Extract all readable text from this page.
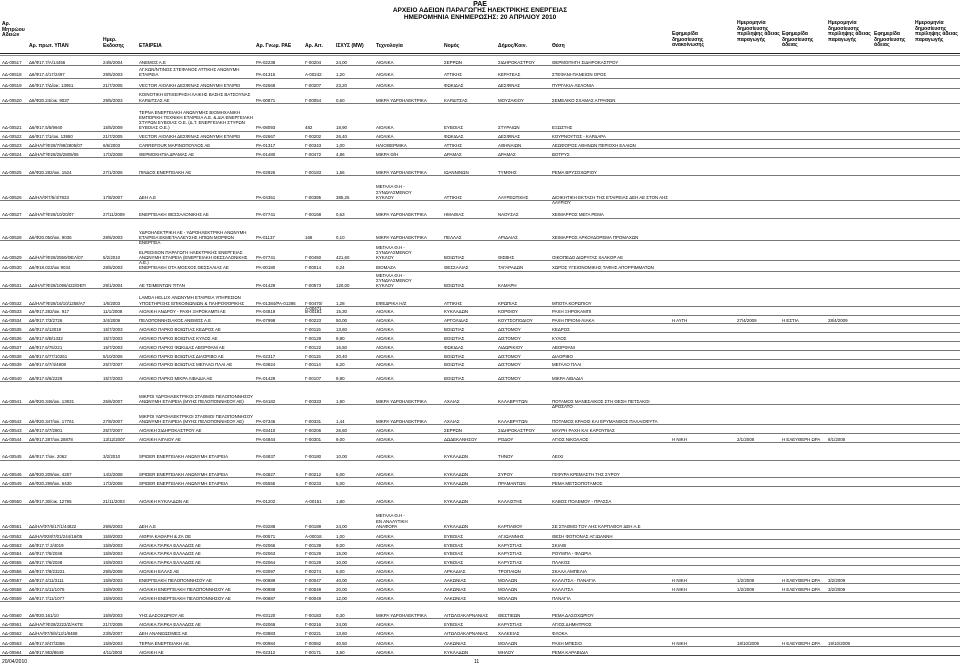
PAE
ΑΡΧΕΙΟ ΑΔΕΙΩΝ ΠΑΡΑΓΩΓΗΣ ΗΛΕΚΤΡΙΚΗΣ ΕΝΕΡΓΕΙΑΣ
ΗΜΕΡΟΜΗΝΙΑ ΕΝΗΜΕΡΩΣΗΣ: 20 ΑΠΡΙΛΙΟΥ 2010
Αρ.
Μητρώου
Αδειών
Αρ. πρωτ. ΥΠΑΝ
Ημερ.
Εκδοσης	ΕΤΑΙΡΕΙΑ	Αρ. Γνωμ. ΡΑΕ	Αρ. Αιτ.	ΙΣΧΥΣ (MW)	Τεχνολογία	Νομός	Δήμος/Κοιν.	Θέση
Εφημερίδα δημοσίευσης ανακοίνωσης
Ημερομηνία δημοσίευσης περίληψης άδειας παραγωγής
Εφημερίδα δημοσίευσης άδειας
Ημερομηνία δημοσίευσης περίληψης άδειας παραγωγής
Εφημερίδα δημοσίευσης άδειας
Ημερομηνία δημοσίευσης περίληψης άδειας παραγωγής
ΑΔ-00517	Δ6/Φ17.7/Α/14456	24/6/2004	ΑΝΕΜΟΣ Α.Ε	ΡΑ-02238	Γ-00204	24,00	ΑΙΟΛΙΚΑ	ΣΕΡΡΩΝ	ΣΙΔΗΡΟΚΑΣΤΡΟΥ	ΘΕΡΜΟΠΗΓΗ ΣΙΔΗΡΟΚΑΣΤΡΟΥ
ΑΔ-00518	Δ6/Φ17.4/17/2497	29/5/2003
ΑΓ.ΚΩΝ/ΝΤΙΝΟΣ ΣΤΕΦΑΝΟΣ ΑΤΤΙΚΗΣ ΑΝΩΝΥΜΗ
ΕΤΑΙΡΕΙΑ	ΡΑ-01315	Α-00242	1,20	ΑΙΟΛΙΚΑ	ΑΤΤΙΚΗΣ	ΚΕΡΑΤΕΑΣ	ΣΤΕΦΑΝΙ-ΠΑΝΕΙΟΝ ΟΡΟΣ
ΑΔ-00519	Δ6/Φ17.7/Δ/οικ. 13951	21/7/2005	VECTOR ΑΙΟΛΙΚΗ ΔΕΣΦΙΝΑΣ ΑΝΩΝΥΜΗ ΕΤΑΙΡΕΙ	ΡΑ-02668	Γ-00207	23,20	ΑΙΟΛΙΚΑ	ΦΩΚΙΔΑΣ	ΔΕΣΦΙΝΑΣ	ΠΥΡΓΑΚΙΑ-ΛΕΛΟΝΙΑ
ΑΔ-00520	Δ6/Φ20.24/οικ. 9037	29/5/2003
ΚΟΙΝΟΤΙΚΗ ΕΠΙΧΕΙΡΗΣΗ ΛΑΙΚΗΣ ΒΑΣΗΣ ΒΑΤΣΟΥΝΑΣ
ΚΑΡΔΙΤΣΑΣ ΑΕ	ΡΑ-00871	Γ-00054	0,60	ΜΙΚΡΑ ΥΔΡΟΗΛΕΚΤΡΙΚΑ	ΚΑΡΔΙΤΣΑΣ	ΜΟΥΖΑΚΙΟΥ	ΣΕΜΕΛΙΚΟ ΣΧΑΜΑΣ ΑΓΡΑΦΩΝ
ΑΔ-00521	Δ6/Φ17.5/5/9940	15/5/2009
ΤΕΡΝΑ ΕΝΕΡΓΕΙΑΚΗ ΑΝΩΝΥΜΗΣ ΒΙΟΜΗΧΑΝΙΚΗ
ΕΜΠΟΡΙΚΗ ΤΕΧΝΙΚΗ ΕΤΑΙΡΕΙΑ Α.Ε. & ΔΙΑ ΕΝΕΡΓΕΙΑΚΗ
ΣΤΥΡΩΝ ΕΥΒΟΙΑΣ Ο.Ε. (Δ.Τ. ΕΝΕΡΓΕΙΑΚΗ ΣΤΥΡΩΝ
ΕΥΒΟΙΑΣ Ο.Ε.)	ΡΑ-08093	482	18,90	ΑΙΟΛΙΚΑ	ΕΥΒΟΙΑΣ	ΣΤΥΡΑΙΩΝ	ΕΞΩΣΤΗΣ
ΑΔ-00522	Δ6/Φ17.7/1/οικ. 13950	21/7/2005	VECTOR ΑΙΟΛΙΚΗ ΔΕΣΦΙΝΑΣ ΑΝΩΝΥΜΗ ΕΤΑΙΡΕΙ	ΡΑ-02667	Γ-00202	26,40	ΑΙΟΛΙΚΑ	ΦΩΚΙΔΑΣ	ΔΕΣΦΙΝΑΣ	ΚΟΥΡΝΟΥΤΟΣ - ΚΑΡΔΑΡΑ
ΑΔ-00523	ΔΔ/ΗΛ/Γ/Φ28/7/98/2805/07	6/6/2003	CARREFOUR ΜΑΡΙΝΟΠΟΥΛΟΣ ΑΕ	ΡΑ-01317	Γ-00343	1,00	ΗΛΙΟΘΕΡΜΙΚΑ	ΑΤΤΙΚΗΣ	ΑΘΗΝΑΙΩΝ	ΛΕΩΦΟΡΟΣ ΑΘΗΝΩΝ ΠΕΡΙΟΧΗ ΕΛΑΙΩΝ
ΑΔ-00524	ΔΔ/ΗΛ/Γ/Φ28/25/2805/06	17/3/2008	ΘΕΡΜΟΚΗΠΙΑ ΔΡΑΜΑΣ ΑΕ	ΡΑ-01480	Γ-00472	4,86	ΜΙΚΡΑ Θ/Η	ΔΡΑΜΑΣ	ΔΡΑΜΑΣ	ΒΟΤΡΥΣ
ΑΔ-00525	Δ6/Φ20.282/οικ. 1524	27/1/2006	ΠΙΝΔΟΣ ΕΝΕΡΓΕΙΑΚΗ ΑΕ	ΡΑ-02926	Γ-00183	1,56	ΜΙΚΡΑ ΥΔΡΟΗΛΕΚΤΡΙΚΑ	ΙΩΑΝΝΙΝΩΝ	ΤΥΜΦΗΣ	ΡΕΜΑ ΒΡΥΣΟΧΩΡΙΟΥ
ΑΔ-00526	ΔΔ/ΗΛ/Φ/7/5/4/7833	17/8/2007	ΔΕΗ Α.Ε	ΡΑ-04351	Γ-00385	385,25
ΜΕΓΑΛΑ Θ.Η -
ΣΥΝΔΥΑΣΜΕΝΟΥ
ΚΥΚΛΟΥ	ΑΤΤΙΚΗΣ	ΛΑΥΡΕΩΤΙΚΗΣ	ΔΙΟΙΚΗΤΙΚΗ ΕΚΤΑΣΗ ΤΗΣ ΕΤΑΙΡΕΙΑΣ ΔΕΗ ΑΕ ΣΤΟΝ ΑΗΣ ΛΑΥΡΙΟΥ
ΑΔ-00527	ΔΔ/ΗΛ/Γ/Φ28/10/20/07	27/11/2009	ΕΝΕΡΓΕΙΑΚΗ ΘΕΣΣΑΛΟΝΙΚΗΣ ΑΕ	ΡΑ-07741	Γ-00168	0,63	ΜΙΚΡΑ ΥΔΡΟΗΛΕΚΤΡΙΚΑ	ΗΜΑΘΙΑΣ	ΝΑΟΥΣΑΣ	ΧΕΙΜΑΡΡΟΣ ΜΕΓΑ ΡΕΜΑ
ΑΔ-00528	Δ6/Φ20.050/οικ. 9036	28/5/2003
ΥΔΡΟΗΛΕΚΤΡΙΚΗ ΑΕ - ΥΔΡΟΗΛΕΚΤΡΙΚΗ ΑΝΩΝΥΜΗ
ΕΤΑΙΡΕΙΑ ΕΚΜΕΤΑΛΛΕΥΣΗΣ ΗΠΙΩΝ ΜΟΡΦΩΝ ΕΝΕΡΓΕΙΑ
ΡΑ-01137	168	0,10	ΜΙΚΡΑ ΥΔΡΟΗΛΕΚΤΡΙΚΑ	ΠΕΛΛΑΣ	ΑΡΙΔΑΙΑΣ	ΧΕΙΜΑΡΡΟΣ ΑΡΚΟΥΔΟΡΕΜΑ ΠΡΟΜΑΧΩΝ
ΑΔ-00529	ΔΔ/ΗΛ/Γ/Φ28/2550/ΘΕΛ/07	5/2/2010
ELPEDISON ΠΑΡΑΓΩΓΗ ΗΛΕΚΤΡΙΚΗΣ ΕΝΕΡΓΕΙΑΣ
ΑΝΩΝΥΜΗ ΕΤΑΙΡΕΙΑ (ΕΝΕΡΓΕΙΑΚΗ ΘΕΣΣΑΛΟΝΙΚΗΣ Α.Ε.)
ΡΑ-07741	Γ-00450	421,60
ΜΕΓΑΛΑ Θ.Η -
ΣΥΝΔΥΑΣΜΕΝΟΥ
ΚΥΚΛΟΥ	ΒΟΙΩΤΙΑΣ	ΘΙΣΒΗΣ	ΟΙΚΟΠΕΔΟ ΔΙΩΡΥΓΑΣ ΧΑΛΚΟΡ ΑΕ
ΑΔ-00530	Δ6/Φ18.023/οικ 9034	28/5/2003	ΕΝΕΡΓΕΙΑΚΗ ΟΤΑ ΜΟΣΧΟΣ ΘΕΣΣΑΛΙΑΣ ΑΕ	ΡΑ-00180	Γ-00014	0,24	ΒΙΟΜΑΖΑ	ΘΕΣΣΑΛΙΑΣ	ΤΑΓΑΡΑΔΩΝ	ΧΩΡΟΣ ΥΓΕΙΟΝΟΜΙΚΗΣ ΤΑΦΗΣ ΑΠΟΡΡΙΜΜΑΤΩΝ
ΑΔ-00531	ΔΔ/ΗΛ/Γ/Φ28/1096/422/ΘΕΠ	29/1/2004	ΑΕ ΤΣΙΜΕΝΤΩΝ ΤΙΤΑΝ	ΡΑ-01429	Γ-00573	120,00
ΜΕΓΑΛΑ Θ.Η -
ΣΥΝΔΥΑΣΜΕΝΟΥ
ΚΥΚΛΟΥ	ΒΟΙΩΤΙΑΣ	ΚΑΜΑΡΗ
ΑΔ-00532	ΔΔ/ΗΛ/Γ/Φ28/16/10/1258/Α7	1/6/2003
LAMDA HELLIX ΑΝΩΝΥΜΗ ΕΤΑΙΡΕΙΑ ΥΠΗΡΕΣΙΩΝ
ΥΠΟΣΤΗΡΙΞΗΣ ΕΠΙΚΟΙΝΩΝΙΩΝ & ΠΛΗΡΟΦΟΡΙΚΗΣ	ΡΑ-01384/ΡΑ-01395	Γ-00470/Α-00471
1,28	ΕΦΕΔΡΙΚΑ Η/Ζ	ΑΤΤΙΚΗΣ	ΚΡΩΠΙΑΣ	ΜΠΟΤΑ ΚΟΡΩΠΙΟΥ
ΑΔ-00533	Δ6/Φ17.282/οικ. 917	11/1/2008	ΑΙΟΛΙΚΗ ΑΝΔΡΟΥ - ΡΑΧΗ ΞΗΡΟΚΑΜΠΙ ΑΕ	ΡΑ-04819	Β-00181	15,30	ΑΙΟΛΙΚΑ	ΚΥΚΛΑΔΩΝ	ΚΟΡΘΙΟΥ	ΡΑΧΗ ΞΗΡΟΚΑΜΠΙ
ΑΔ-00534	Δ6/Φ17.7/3/2726	3/4/2009	ΠΕΛΟΠΟΝΝΗΣΙΑΚΟΣ ΑΝΕΜΟΣ Α.Ε	ΡΑ-07998	Γ-00223	50,00	ΑΙΟΛΙΚΑ	ΑΡΓΟΛΙΔΑΣ	ΚΟΥΤΣΟΠΟΔΙΟΥ	ΡΑΧΗ ΠΡΙΟΝΙ-ΛΙΑΚΑ	Η ΑΥΓΗ	27/4/2009	Η ΕΣΤΙΑ	28/4/2009
ΑΔ-00535	Δ6/Φ17.6/13019	15/7/2003	ΑΙΟΛΙΚΟ ΠΑΡΚΟ ΒΟΙΩΤΙΑΣ ΚΕΔΡΟΣ ΑΕ	Γ-00115	13,60	ΑΙΟΛΙΚΑ	ΒΟΙΩΤΙΑΣ	ΔΙΣΤΟΜΟΥ	ΚΕΔΡΟΣ
ΑΔ-00536	Δ6/Φ17.6/Β/1332	15/7/2003	ΑΙΟΛΙΚΟ ΠΑΡΚΟ ΒΟΙΩΤΙΑΣ ΚΥΛΟΣ ΑΕ	Γ-00128	9,90	ΑΙΟΛΙΚΑ	ΒΟΙΩΤΙΑΣ	ΔΙΣΤΟΜΟΥ	ΚΥΛΟΣ
ΑΔ-00537	Δ6/Φ17.6/75/221	15/7/2003	ΑΙΟΛΙΚΟ ΠΑΡΚΟ ΦΩΚΙΔΑΣ ΑΒΟΡΦΑΝΙ ΑΕ	Γ-00122	16,50	ΑΙΟΛΙΚΑ	ΦΩΚΙΔΑΣ	ΛΙΔΩΡΙΚΙΟΥ	ΑΒΟΡΦΑΝΙ
ΑΔ-00538	Δ6/Φ17.6/77/10261	5/10/2006	ΑΙΟΛΙΚΟ ΠΑΡΚΟ ΒΟΙΩΤΙΑΣ ΔΙΑΟΡΙΒΟ ΑΕ	ΡΑ-02317	Γ-00115	20,40	ΑΙΟΛΙΚΑ	ΒΟΙΩΤΙΑΣ	ΔΙΣΤΟΜΟΥ	ΔΙΑΟΡΙΒΟ
ΑΔ-00539	Δ6/Φ17.6/7/4/4808	25/7/2007	ΑΙΟΛΙΚΟ ΠΑΡΚΟ ΒΟΙΩΤΙΑΣ ΜΕΓΑΛΟ ΠΛΑΙ ΑΕ	ΡΑ-03824	Γ-00114	6,20	ΑΙΟΛΙΚΑ	ΒΟΙΩΤΙΑΣ	ΔΙΣΤΟΜΟΥ	ΜΕΓΑΛΟ ΠΛΑΙ
ΑΔ-00540	Δ6/Φ17.6/6/2229	15/7/2003	ΑΙΟΛΙΚΟ ΠΑΡΚΟ ΜΙΚΡΑ ΛΙΒΑΔΙΑ ΑΕ	ΡΑ-01429	Γ-00107	9,90	ΑΙΟΛΙΚΑ	ΒΟΙΩΤΙΑΣ	ΔΙΣΤΟΜΟΥ	ΜΙΚΡΑ ΛΙΒΑΔΙΑ
ΑΔ-00541	Δ6/Φ20.346/οικ. 13931	25/6/2007
ΜΙΚΡΟΙ ΥΔΡΟΗΛΕΚΤΡΙΚΟΙ ΣΤΑΘΜΟΙ ΠΕΛΟΠΟΝΝΗΣΟΥ
ΑΝΩΝΥΜΗ ΕΤΑΙΡΕΙΑ (ΜΥΗΣ ΠΕΛΟΠΟΝΝΗΣΟΥ ΑΕ)	ΡΑ-04182	Γ-00333	1,90	ΜΙΚΡΑ ΥΔΡΟΗΛΕΚΤΡΙΚΑ	ΑΧΑΙΑΣ	ΚΑΛΑΒΡΥΤΩΝ	ΠΟΤΑΜΟΣ ΜΑΝΕΣΑΙΚΟΣ ΣΤΗ ΘΕΣΗ ΠΕΤΣΑΚΟΙ ΔΡΟΣΑΤΟ
ΑΔ-00542	Δ6/Φ20.347/οικ. 17761	27/8/2007
ΜΙΚΡΟΙ ΥΔΡΟΗΛΕΚΤΡΙΚΟΙ ΣΤΑΘΜΟΙ ΠΕΛΟΠΟΝΝΗΣΟΥ
ΑΝΩΝΥΜΗ ΕΤΑΙΡΕΙΑ (ΜΥΗΣ ΠΕΛΟΠΟΝΝΗΣΟΥ ΑΕ)	ΡΑ-07345	Γ-00331	1,44	ΜΙΚΡΑ ΥΔΡΟΗΛΕΚΤΡΙΚΑ	ΑΧΑΙΑΣ	ΚΑΛΑΒΡΥΤΩΝ	ΠΟΤΑΜΟΣ ΚΡΑΘΙΣ ΚΑΙ ΕΡΥΜΑΝΘΟΣ ΠΑΛΑΙΟΦΥΤΑ
ΑΔ-00543	Δ6/Φ17.6/7/2801	25/7/2007	ΑΙΟΛΙΚΗ ΣΙΔΗΡΟΚΑΣΤΡΟΥ ΑΕ	ΡΑ-03410	Γ-00206	26,60	ΑΙΟΛΙΚΑ	ΣΕΡΡΩΝ	ΣΙΔΗΡΟΚΑΣΤΡΟΥ	ΜΑΥΡΗ ΡΑΧΗ ΚΑΙ ΚΑΡΟΥΠΙΑΣ
ΑΔ-00544	Δ6/Φ17.287/οικ.28878	13/12/2007	ΑΙΟΛΙΚΗ ΑΙΓΑΙΟΥ ΑΕ	ΡΑ-04844	Γ-00301	9,00	ΑΙΟΛΙΚΑ	ΔΩΔΕΚΑΝΗΣΟΥ	ΡΟΔΟΥ	ΑΓΙΟΣ ΝΙΚΟΛΑΟΣ	Η ΝΙΚΗ	2/1/2008	Η ΕΛΕΥΘΕΡΗ ΩΡΑ	8/1/2008
ΑΔ-00545	Δ6/Φ17.7/οικ. 2062	3/2/2010	SPIDER ΕΝΕΡΓΕΙΑΚΗ ΑΝΩΝΥΜΗ ΕΤΑΙΡΕΙΑ	ΡΑ-04837	Γ-00180	10,00	ΑΙΟΛΙΚΑ	ΚΥΚΛΑΔΩΝ	ΤΗΝΟΥ	ΛΕΙΧΙ
ΑΔ-00546	Δ6/Φ20.209/οικ. 4267	14/2/2008	SPIDER ΕΝΕΡΓΕΙΑΚΗ ΑΝΩΝΥΜΗ ΕΤΑΙΡΕΙΑ	ΡΑ-04827	Γ-00212	5,00	ΑΙΟΛΙΚΑ	ΚΥΚΛΑΔΩΝ	ΣΥΡΟΥ	ΓΕΦΥΡΑ ΚΡΕΜΑΣΤΗ ΤΗΣ ΣΥΡΟΥ
ΑΔ-00549	Δ6/Φ20.299/οικ. 6430	17/3/2008	SPIDER ΕΝΕΡΓΕΙΑΚΗ ΑΝΩΝΥΜΗ ΕΤΑΙΡΕΙΑ	ΡΑ-05555	Γ-00233	5,00	ΑΙΟΛΙΚΑ	ΚΥΚΛΑΔΩΝ	ΠΡΑΜΑΝΤΩΝ	ΡΕΜΑ ΜΕΤΣΟΠΟΤΑΜΟΣ
ΑΔ-00550	Δ6/Φ17.30/οικ. 12795	21/11/2003	ΑΙΟΛΙΚΗ ΚΥΚΛΑΔΩΝ ΑΕ	ΡΑ-01202	Α-00151	1,80	ΑΙΟΛΙΚΑ	ΚΥΚΛΑΔΩΝ	ΚΑΛΛΙΣΤΗΣ	ΚΑΒΟΣ ΠΟΛΕΜΟΥ - ΠΡΑΣΣΑ
ΑΔ-00551	ΔΔ/ΗΛ/Φ7/6/17/1/44822	29/6/2003	ΔΕΗ Α.Ε	ΡΑ-03288	Γ-00189	24,00
ΜΕΓΑΛΑ Θ.Η -
ΕΝ ΑΝΑΛΥΤΙΚΗ
ΑΝΑΦΟΡΑ	ΚΥΚΛΑΔΩΝ	ΚΑΡΠΑΘΟΥ	ΣΕ ΣΤΑΘΜΟ ΤΟΥ ΑΗΣ ΚΑΡΠΑΘΟΥ ΔΕΗ Α.Ε
ΑΔ-00552	ΔΔ/ΗΛ/Φ28/7/01/244/16/05	15/9/2003	ΑΙΘΡΙΑ ΚΑΘΑΡΗ & ΖΑ ΟΕ	ΡΑ-00571	Α-00018	1,00	ΑΙΟΛΙΚΑ	ΕΥΒΟΙΑΣ	ΑΓ.ΙΩΑΝΝΗΣ	ΘΕΣΗ ΦΟΤΙΟΝΑΣ ΑΓ.ΙΩΑΝΝΗ
ΑΔ-00553	Δ6/Φ17.7/ 2/4019	15/9/2003	ΑΙΟΛΙΚΑ ΠΑΡΚΑ ΕΛΛΑΔΟΣ ΑΕ	ΡΑ-02066	Γ-00139	9,00	ΑΙΟΛΙΚΑ	ΕΥΒΟΙΑΣ	ΚΑΡΥΣΤΙΑΣ	ΣΚΙΑΘΙ
ΑΔ-00554	Δ6/Φ17.7/5/2048	15/9/2003	ΑΙΟΛΙΚΑ ΠΑΡΚΑ ΕΛΛΑΔΟΣ ΑΕ	ΡΑ-02063	Γ-00129	15,00	ΑΙΟΛΙΚΑ	ΕΥΒΟΙΑΣ	ΚΑΡΥΣΤΙΑΣ	ΡΟΥΜΠΑ - ΦΛΩΡΙΑ
ΑΔ-00555	Δ6/Φ17.7/6/2048	15/9/2003	ΑΙΟΛΙΚΑ ΠΑΡΚΑ ΕΛΛΑΔΟΣ ΑΕ	ΡΑ-02064	Γ-00128	10,00	ΑΙΟΛΙΚΑ	ΕΥΒΟΙΑΣ	ΚΑΡΥΣΤΙΑΣ	ΠΛΑΚΟΣ
ΑΔ-00556	Δ6/Φ17.7/8/23221	29/5/2008	ΑΙΟΛΙΚΗ ΕΛΛΑΣ ΑΕ	ΡΑ-03097	Γ-00274	6,00	ΑΙΟΛΙΚΑ	ΑΡΚΑΔΙΑΣ	ΤΡΟΠΑΙΩΝ	ΣΚΑΛΑ ΑΜΠΕΛΙΑ
ΑΔ-00557	Δ6/Φ17.4/11/3111	15/9/2003	ΕΝΕΡΓΕΙΑΚΗ ΠΕΛΟΠΟΝΝΗΣΟΥ ΑΕ	ΡΑ-00889	Γ-00047	40,00	ΑΙΟΛΙΚΑ	ΛΑΚΩΝΙΑΣ	ΜΟΛΑΩΝ	ΚΑΛΛΙΤΣΑ - ΠΑΝΑΓΙΑ	Η ΝΙΚΗ	1/2/2009	Η ΕΛΕΥΘΕΡΗ ΩΡΑ	3/2/2009
ΑΔ-00558	Δ6/Φ17.5/11/1075	15/9/2003	ΑΙΟΛΙΚΗ ΕΝΕΡΓΕΙΑΚΗ ΠΕΛΟΠΟΝΝΗΣΟΥ ΑΕ	ΡΑ-00888	Γ-00048	20,00	ΑΙΟΛΙΚΑ	ΛΑΚΩΝΙΑΣ	ΜΟΛΑΩΝ	ΚΑΛΛΙΤΣΑ	Η ΝΙΚΗ	1/2/2009	Η ΕΛΕΥΘΕΡΗ ΩΡΑ	3/2/2009
ΑΔ-00559	Δ6/Φ17.7/11/1077	15/9/2003	ΑΙΟΛΙΚΗ ΕΝΕΡΓΕΙΑΚΗ ΠΕΛΟΠΟΝΝΗΣΟΥ ΑΕ	ΡΑ-00887	Γ-00049	12,00	ΑΙΟΛΙΚΑ	ΛΑΚΩΝΙΑΣ	ΜΟΛΑΩΝ	ΠΑΝΑΓΙΑ
ΑΔ-00560	Δ6/Φ20.161/10	15/9/2003	ΥΗΣ ΔΑΣΟΧΩΡΙΟΥ ΑΕ	ΡΑ-03120	Γ-00183	0,30	ΜΙΚΡΑ ΥΔΡΟΗΛΕΚΤΡΙΚΑ	ΑΙΤΩΛΟΑΚΑΡΝΑΝΙΑΣ	ΘΕΣΤΙΕΩΝ	ΡΕΜΑ ΔΑΣΟΧΩΡΙΟΥ
ΑΔ-00561	ΔΔ/ΗΛ/Γ/Φ28/2222/Ζ/ΑΚΤΕ	21/7/2005	ΑΙΟΛΙΚΑ ΠΑΡΚΑ ΕΛΛΑΔΟΣ ΑΕ	ΡΑ-02065	Γ-00216	24,00	ΑΙΟΛΙΚΑ	ΕΥΒΟΙΑΣ	ΚΑΡΥΣΤΙΑΣ	ΑΓΙΟΣ ΔΗΜΗΤΡΙΟΣ
ΑΔ-00562	ΔΔ/ΗΛ/Φ7/5/6/12/1/8488	23/5/2007	ΔΕΗ ΑΝΑΝΕΩΣΙΜΕΣ ΑΕ	ΡΑ-03883	Γ-00221	13,60	ΑΙΟΛΙΚΑ	ΑΙΤΩΛΟΑΚΑΡΝΑΝΙΑΣ	ΧΑΛΚΕΙΑΣ	ΦΛΟΚΑ
ΑΔ-00563	Δ6/Φ17.8/47/3356	15/9/2003	ΤΕΡΝΑ ΕΝΕΡΓΕΙΑΚΗ ΑΕ	ΡΑ-00984	Γ-00082	40,50	ΑΙΟΛΙΚΑ	ΛΑΚΩΝΙΑΣ	ΜΟΛΑΩΝ	ΡΑΧΗ ΜΠΕΣΙΟ	Η ΝΙΚΗ	18/10/2009	Η ΕΛΕΥΘΕΡΗ ΩΡΑ	19/10/2009
ΑΔ-00564	Δ6/Φ17.953/8649	4/11/2003	ΑΙΟΛΙΚΗ ΑΕ	ΡΑ-02312	Γ-00171	3,60	ΑΙΟΛΙΚΑ	ΚΥΚΛΑΔΩΝ	ΜΗΛΟΥ	ΡΕΜΑ ΚΑΡΑΒΙΔΙΑ
20/04/2010	11
